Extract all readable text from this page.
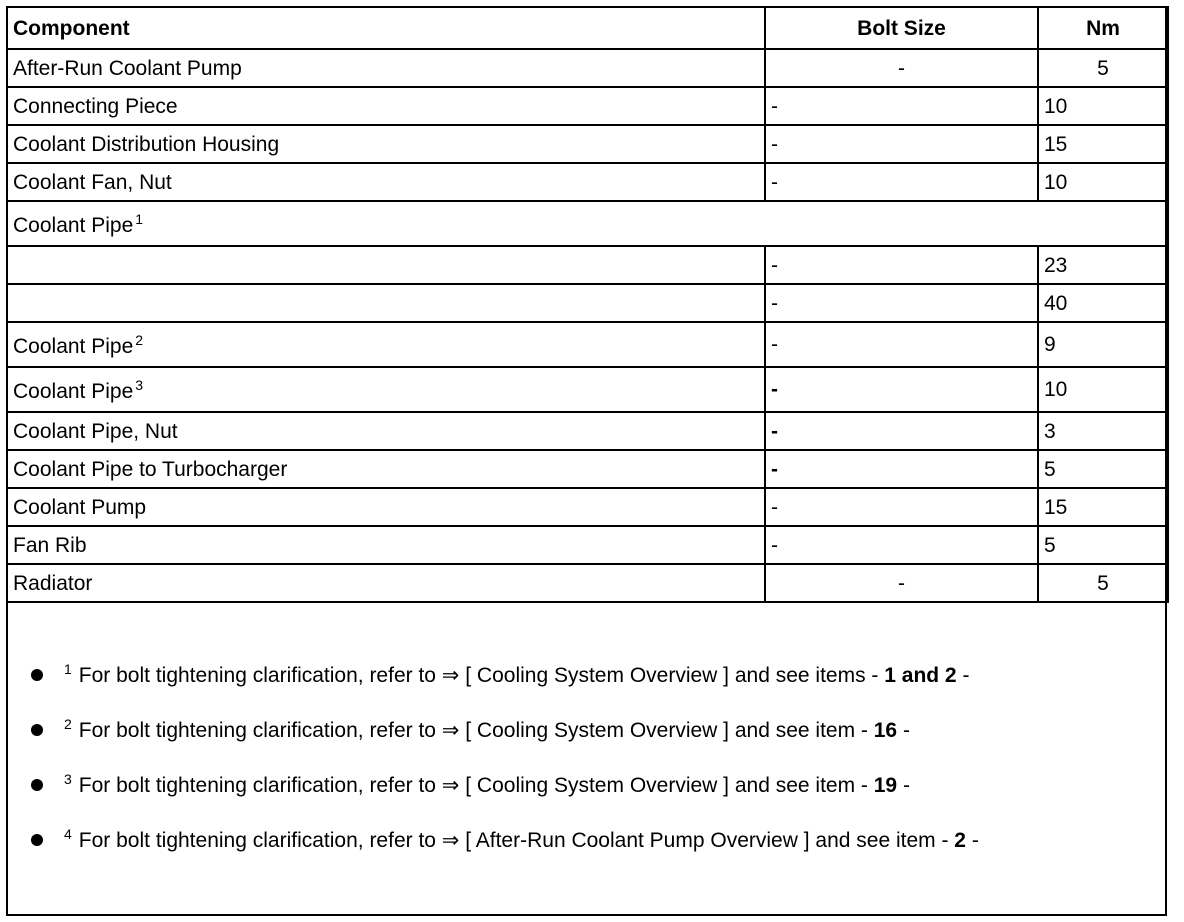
Component	Bolt Size	Nm
After-Run Coolant Pump	-	5
Connecting Piece	-	10
Coolant Distribution Housing	-	15
Coolant Fan, Nut	-	10
Coolant Pipe $^1$
	-	23
	-	40
Coolant Pipe $^2$	-	9
Coolant Pipe $^3$	-	10
Coolant Pipe, Nut	-	3
Coolant Pipe to Turbocharger	-	5
Coolant Pump	-	15
Fan Rib	-	5
Radiator	-	5
$^1$ For bolt tightening clarification, refer to ⇒ [ Cooling System Overview ] and see items - 1 and 2 -
$^2$ For bolt tightening clarification, refer to ⇒ [ Cooling System Overview ] and see item - 16 -
$^3$ For bolt tightening clarification, refer to ⇒ [ Cooling System Overview ] and see item - 19 -
$^4$ For bolt tightening clarification, refer to ⇒ [ After-Run Coolant Pump Overview ] and see item - 2 -
